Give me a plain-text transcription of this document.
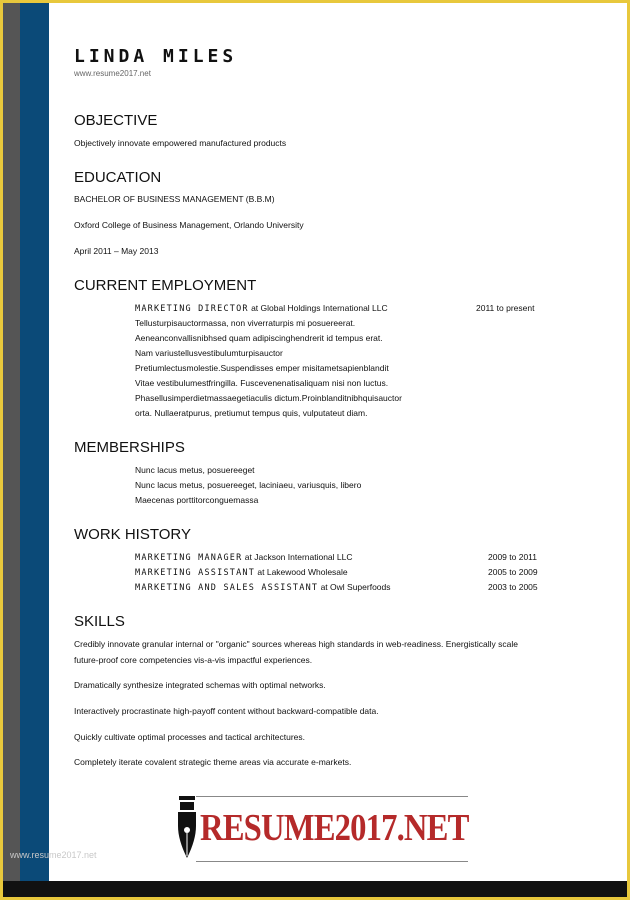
LINDA MILES
www.resume2017.net
OBJECTIVE
Objectively innovate empowered manufactured products
EDUCATION
BACHELOR OF BUSINESS MANAGEMENT (B.B.M)
Oxford College of Business Management, Orlando University
April 2011 – May 2013
CURRENT EMPLOYMENT
MARKETING DIRECTOR at Global Holdings International LLC	2011 to present
Tellusturpisauctormassa, non viverraturpis mi posuereerat.
Aeneanconvallisnibhsed quam adipiscinghendrerit id tempus erat.
Nam variustellusvestibulumturpisauctor
Pretiumlectusmolestie.Suspendisses emper misitametsapienblandit
Vitae vestibulumestfringilla. Fuscevenenatisaliquam nisi non luctus.
Phasellusimperdietmassaegetiaculis dictum.Proinblanditnibhquisauctor
orta. Nullaeratpurus, pretiumut tempus quis, vulputateut diam.
MEMBERSHIPS
Nunc lacus metus, posuereeget
Nunc lacus metus, posuereeget, laciniaeu, variusquis, libero
Maecenas porttitorconguemassa
WORK HISTORY
MARKETING MANAGER at Jackson International LLC	2009 to 2011
MARKETING ASSISTANT at Lakewood Wholesale	2005 to 2009
MARKETING AND SALES ASSISTANT at Owl Superfoods	2003 to 2005
SKILLS
Credibly innovate granular internal or "organic" sources whereas high standards in web-readiness. Energistically scale
future-proof core competencies vis-a-vis impactful experiences.
Dramatically synthesize integrated schemas with optimal networks.
Interactively procrastinate high-payoff content without backward-compatible data.
Quickly cultivate optimal processes and tactical architectures.
Completely iterate covalent strategic theme areas via accurate e-markets.
www.resume2017.net
RESUME2017.NET
